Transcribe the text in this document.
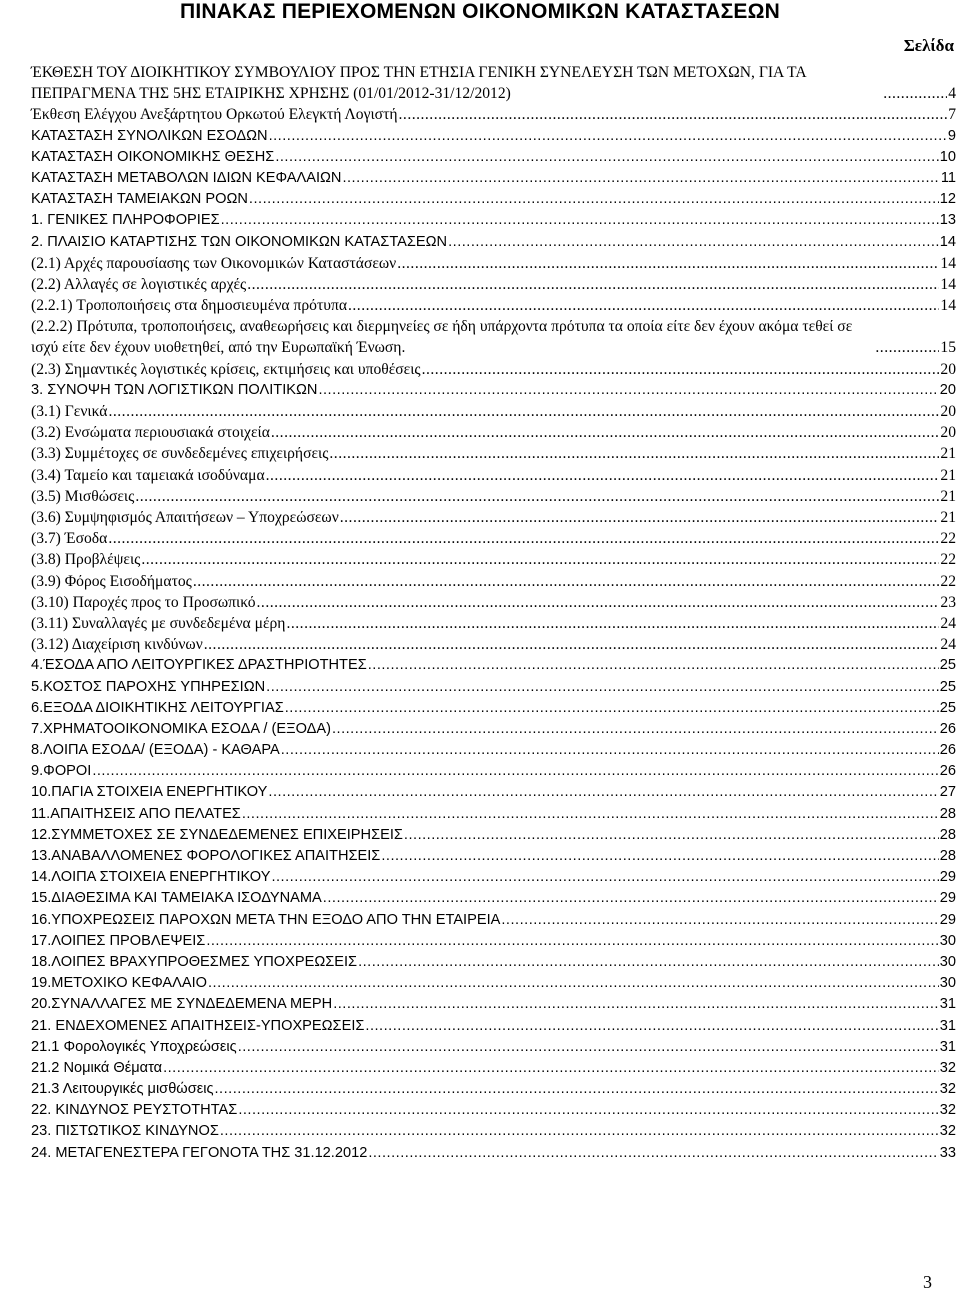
ΠΙΝΑΚΑΣ ΠΕΡΙΕΧΟΜΕΝΩΝ ΟΙΚΟΝΟΜΙΚΩΝ ΚΑΤΑΣΤΑΣΕΩΝ
Σελίδα
ΈΚΘΕΣΗ ΤΟΥ ΔΙΟΙΚΗΤΙΚΟΥ ΣΥΜΒΟΥΛΙΟΥ ΠΡΟΣ ΤΗΝ ΕΤΗΣΙΑ ΓΕΝΙΚΗ ΣΥΝΕΛΕΥΣΗ ΤΩΝ ΜΕΤΟΧΩΝ, ΓΙΑ ΤΑ ΠΕΠΡΑΓΜΕΝΑ ΤΗΣ 5ΗΣ ΕΤΑΙΡΙΚΗΣ ΧΡΗΣΗΣ (01/01/2012-31/12/2012) .....	4
Έκθεση Ελέγχου Ανεξάρτητου Ορκωτού Ελεγκτή Λογιστή .....	7
ΚΑΤΑΣΤΑΣΗ ΣΥΝΟΛΙΚΩΝ ΕΣΟΔΩΝ .....	9
ΚΑΤΑΣΤΑΣΗ ΟΙΚΟΝΟΜΙΚΗΣ ΘΕΣΗΣ .....	10
ΚΑΤΑΣΤΑΣΗ ΜΕΤΑΒΟΛΩΝ ΙΔΙΩΝ ΚΕΦΑΛΑΙΩΝ .....	11
ΚΑΤΑΣΤΑΣΗ ΤΑΜΕΙΑΚΩΝ ΡΟΩΝ .....	12
1. ΓΕΝΙΚΕΣ ΠΛΗΡΟΦΟΡΙΕΣ .....	13
2. ΠΛΑΙΣΙΟ ΚΑΤΑΡΤΙΣΗΣ ΤΩΝ ΟΙΚΟΝΟΜΙΚΩΝ ΚΑΤΑΣΤΑΣΕΩΝ .....	14
(2.1) Αρχές παρουσίασης των Οικονομικών Καταστάσεων .....	14
(2.2) Αλλαγές σε λογιστικές αρχές .....	14
(2.2.1) Τροποποιήσεις στα δημοσιευμένα πρότυπα .....	14
(2.2.2) Πρότυπα, τροποποιήσεις, αναθεωρήσεις και διερμηνείες σε ήδη υπάρχοντα πρότυπα τα οποία είτε δεν έχουν ακόμα τεθεί σε ισχύ είτε δεν έχουν υιοθετηθεί, από την Ευρωπαϊκή Ένωση. .....	15
(2.3) Σημαντικές λογιστικές κρίσεις, εκτιμήσεις και υποθέσεις .....	20
3. ΣΥΝΟΨΗ ΤΩΝ ΛΟΓΙΣΤΙΚΩΝ ΠΟΛΙΤΙΚΩΝ .....	20
(3.1) Γενικά .....	20
(3.2) Ενσώματα περιουσιακά στοιχεία .....	20
(3.3) Συμμέτοχες σε συνδεδεμένες επιχειρήσεις .....	21
(3.4) Ταμείο και ταμειακά ισοδύναμα .....	21
(3.5) Μισθώσεις .....	21
(3.6) Συμψηφισμός Απαιτήσεων – Υποχρεώσεων .....	21
(3.7) Έσοδα .....	22
(3.8) Προβλέψεις .....	22
(3.9) Φόρος Εισοδήματος .....	22
(3.10) Παροχές προς το Προσωπικό .....	23
(3.11) Συναλλαγές με συνδεδεμένα μέρη .....	24
(3.12) Διαχείριση κινδύνων .....	24
4.ΈΣΟΔΑ ΑΠΟ ΛΕΙΤΟΥΡΓΙΚΕΣ ΔΡΑΣΤΗΡΙΟΤΗΤΕΣ .....	25
5.ΚΟΣΤΟΣ ΠΑΡΟΧΗΣ ΥΠΗΡΕΣΙΩΝ .....	25
6.ΕΞΟΔΑ ΔΙΟΙΚΗΤΙΚΗΣ ΛΕΙΤΟΥΡΓΙΑΣ .....	25
7.ΧΡΗΜΑΤΟΟΙΚΟΝΟΜΙΚΑ ΕΣΟΔΑ / (ΕΞΟΔΑ) .....	26
8.ΛΟΙΠΑ ΕΣΟΔΑ/ (ΕΞΟΔΑ) - ΚΑΘΑΡΑ .....	26
9.ΦΟΡΟΙ .....	26
10.ΠΑΓΙΑ ΣΤΟΙΧΕΙΑ ΕΝΕΡΓΗΤΙΚΟΥ .....	27
11.ΑΠΑΙΤΗΣΕΙΣ ΑΠΟ ΠΕΛΑΤΕΣ .....	28
12.ΣΥΜΜΕΤΟΧΕΣ ΣΕ ΣΥΝΔΕΔΕΜΕΝΕΣ ΕΠΙΧΕΙΡΗΣΕΙΣ .....	28
13.ΑΝΑΒΑΛΛΟΜΕΝΕΣ ΦΟΡΟΛΟΓΙΚΕΣ ΑΠΑΙΤΗΣΕΙΣ .....	28
14.ΛΟΙΠΑ ΣΤΟΙΧΕΙΑ ΕΝΕΡΓΗΤΙΚΟΥ .....	29
15.ΔΙΑΘΕΣΙΜΑ ΚΑΙ ΤΑΜΕΙΑΚΑ ΙΣΟΔΥΝΑΜΑ .....	29
16.ΥΠΟΧΡΕΩΣΕΙΣ ΠΑΡΟΧΩΝ ΜΕΤΑ ΤΗΝ ΕΞΟΔΟ ΑΠΟ ΤΗΝ ΕΤΑΙΡΕΙΑ .....	29
17.ΛΟΙΠΕΣ ΠΡΟΒΛΕΨΕΙΣ .....	30
18.ΛΟΙΠΕΣ ΒΡΑΧΥΠΡΟΘΕΣΜΕΣ ΥΠΟΧΡΕΩΣΕΙΣ .....	30
19.ΜΕΤΟΧΙΚΟ ΚΕΦΑΛΑΙΟ .....	30
20.ΣΥΝΑΛΛΑΓΕΣ ΜΕ ΣΥΝΔΕΔΕΜΕΝΑ ΜΕΡΗ .....	31
21. ΕΝΔΕΧΟΜΕΝΕΣ ΑΠΑΙΤΗΣΕΙΣ-ΥΠΟΧΡΕΩΣΕΙΣ .....	31
21.1 Φορολογικές Υποχρεώσεις .....	31
21.2 Νομικά Θέματα .....	32
21.3 Λειτουργικές μισθώσεις .....	32
22. ΚΙΝΔΥΝΟΣ ΡΕΥΣΤΟΤΗΤΑΣ .....	32
23. ΠΙΣΤΩΤΙΚΟΣ ΚΙΝΔΥΝΟΣ .....	32
24. ΜΕΤΑΓΕΝΕΣΤΕΡΑ ΓΕΓΟΝΟΤΑ ΤΗΣ 31.12.2012 .....	33
3
